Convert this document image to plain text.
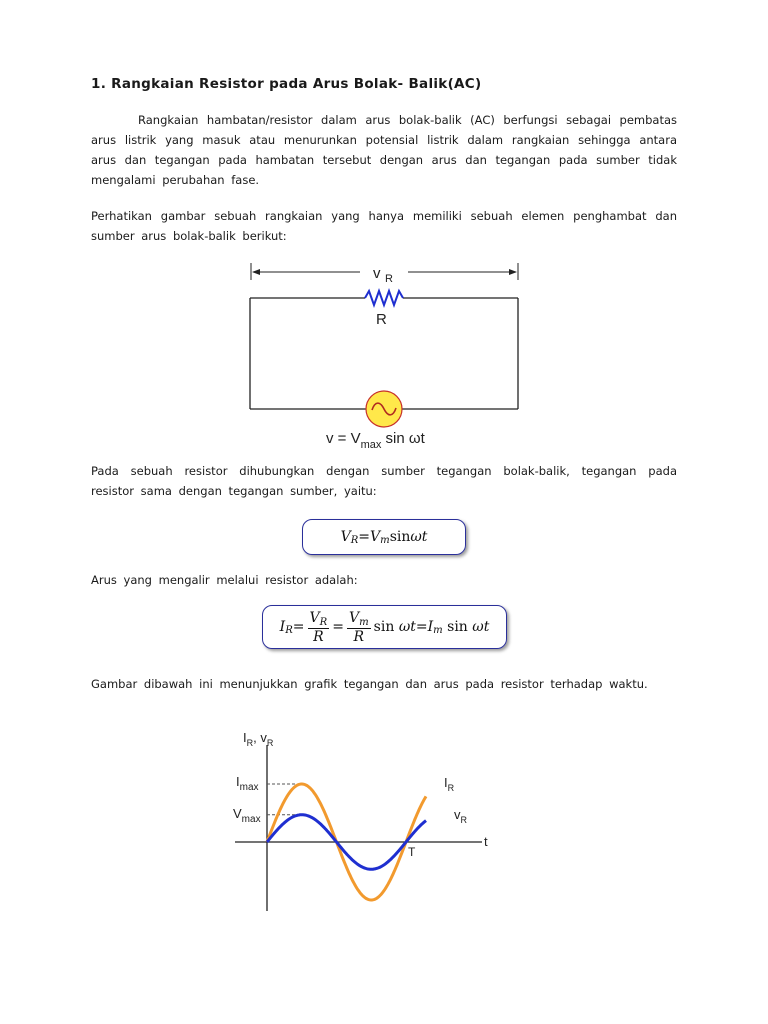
1. Rangkaian Resistor pada Arus Bolak- Balik(AC)

Rangkaian hambatan/resistor dalam arus bolak-balik (AC) berfungsi sebagai pembatas arus listrik yang masuk atau menurunkan potensial listrik dalam rangkaian sehingga antara arus dan tegangan pada hambatan tersebut dengan arus dan tegangan pada sumber tidak mengalami perubahan fase.

Perhatikan gambar sebuah rangkaian yang hanya memiliki sebuah elemen penghambat dan sumber arus bolak-balik berikut:

v R
R
$v = V_{max}$ sin ωt

Pada sebuah resistor dihubungkan dengan sumber tegangan bolak-balik, tegangan pada resistor sama dengan tegangan sumber, yaitu:

V R = V m sin ωt

Arus yang mengalir melalui resistor adalah:

I $R = \frac{V_R}{R} = \frac{V_m}{R}$ sin
ωt = I m
sin
ωt

Gambar dibawah ini menunjukkan grafik tegangan dan arus pada resistor terhadap waktu.

$I_R$, $v_R$
$I_{max}$
$V_{max}$
$I_R$
$v_R$
t
T
